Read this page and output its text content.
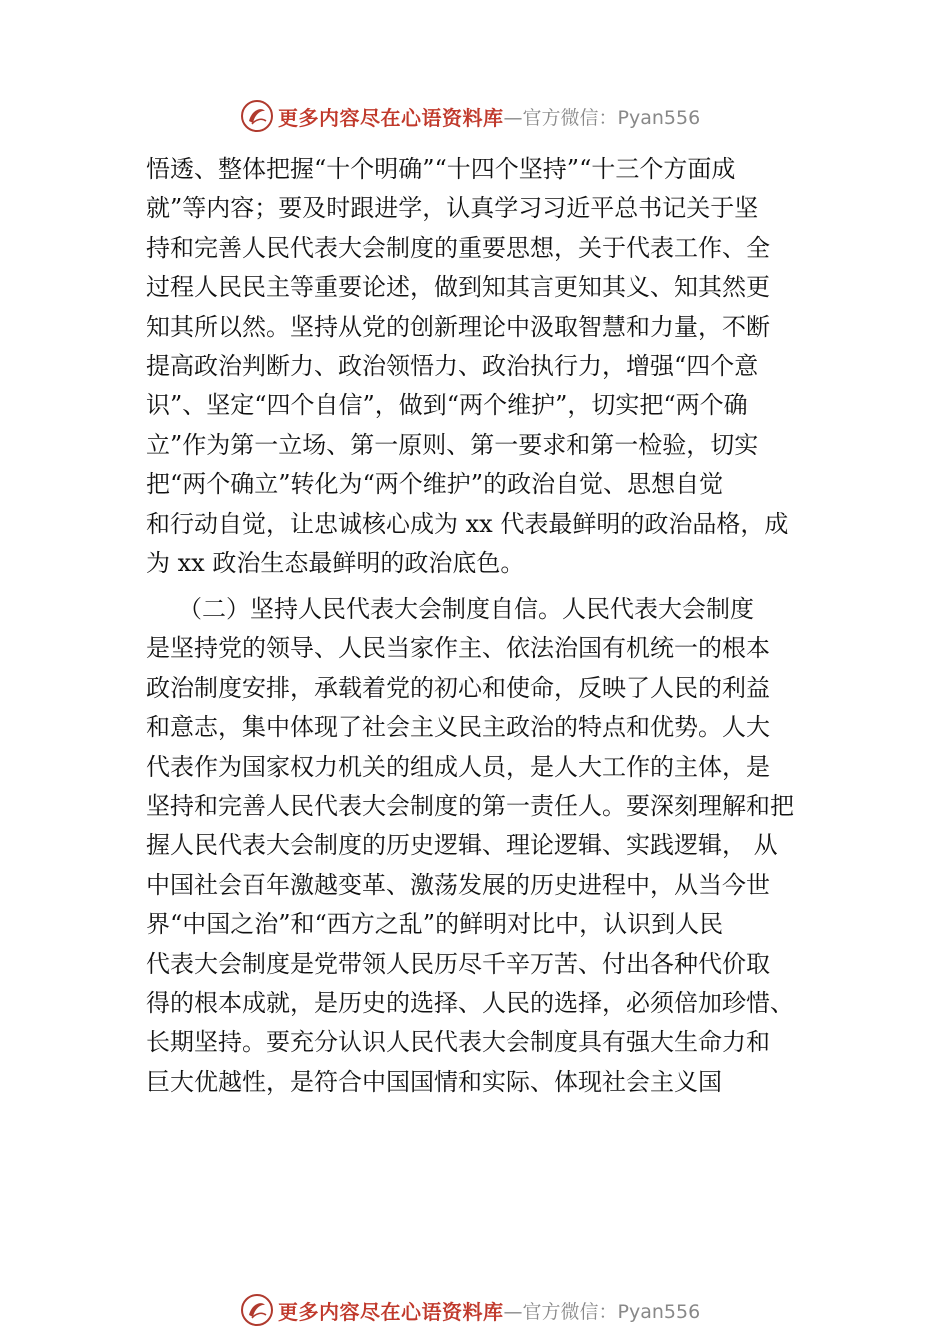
更多内容尽在心语资料库 —官方微信：Pyan556
悟透、整体把握“十个明确”“十四个坚持”“十三个方面成
就”等内容；要及时跟进学，认真学习习近平总书记关于坚
持和完善人民代表大会制度的重要思想，关于代表工作、全
过程人民民主等重要论述，做到知其言更知其义、知其然更
知其所以然。坚持从党的创新理论中汲取智慧和力量，不断
提高政治判断力、政治领悟力、政治执行力，增强“四个意
识”、坚定“四个自信”，做到“两个维护”，切实把“两个确
立”作为第一立场、第一原则、第一要求和第一检验，切实
把“两个确立”转化为“两个维护”的政治自觉、思想自觉
和行动自觉，让忠诚核心成为 xx 代表最鲜明的政治品格，成
为 xx 政治生态最鲜明的政治底色。
（二）坚持人民代表大会制度自信。人民代表大会制度
是坚持党的领导、人民当家作主、依法治国有机统一的根本
政治制度安排，承载着党的初心和使命，反映了人民的利益
和意志，集中体现了社会主义民主政治的特点和优势。人大
代表作为国家权力机关的组成人员，是人大工作的主体，是
坚持和完善人民代表大会制度的第一责任人。要深刻理解和把
握人民代表大会制度的历史逻辑、理论逻辑、实践逻辑， 从
中国社会百年激越变革、激荡发展的历史进程中，从当今世
界“中国之治”和“西方之乱”的鲜明对比中，认识到人民
代表大会制度是党带领人民历尽千辛万苦、付出各种代价取
得的根本成就，是历史的选择、人民的选择，必须倍加珍惜、
长期坚持。要充分认识人民代表大会制度具有强大生命力和
巨大优越性，是符合中国国情和实际、体现社会主义国
更多内容尽在心语资料库 —官方微信：Pyan556
